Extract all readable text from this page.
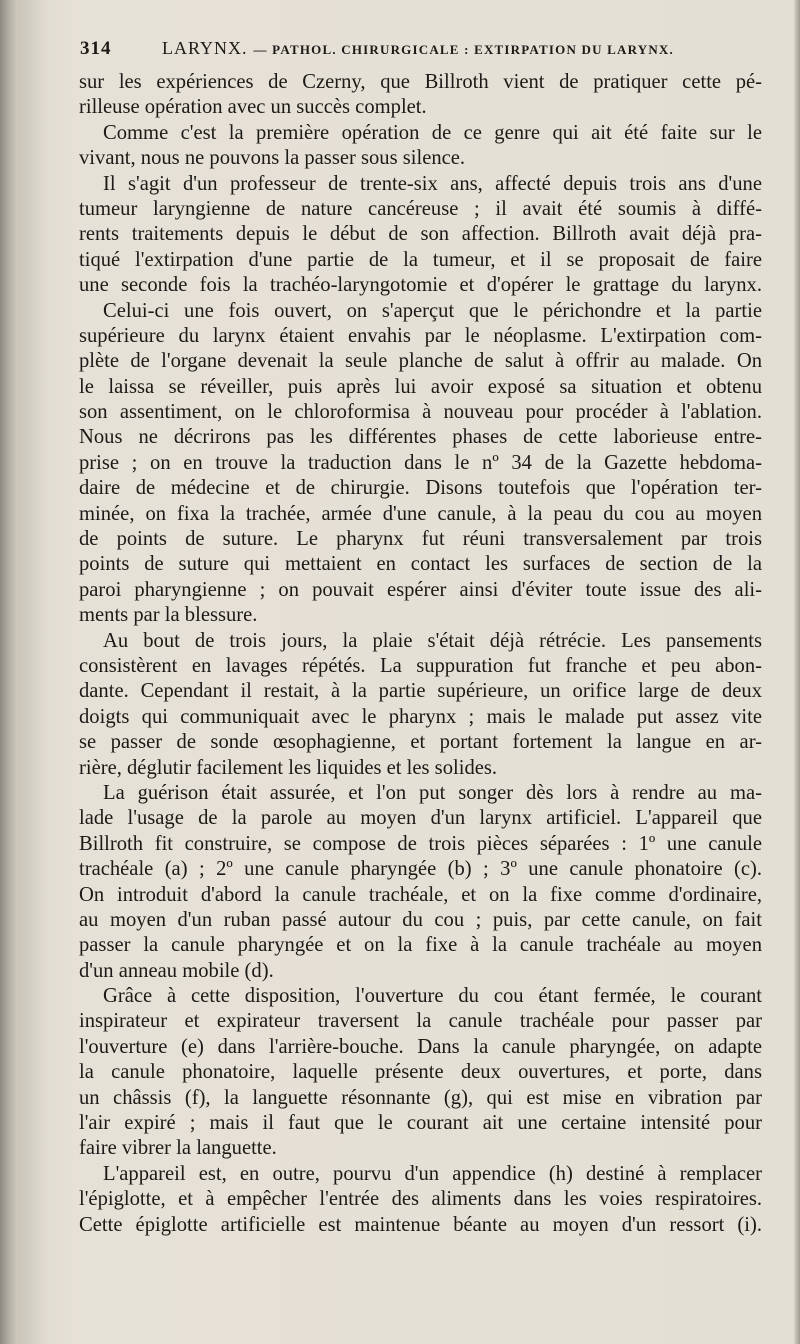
314	LARYNX. — PATHOL. CHIRURGICALE : EXTIRPATION DU LARYNX.
sur les expériences de Czerny, que Billroth vient de pratiquer cette pé-
rilleuse opération avec un succès complet.
Comme c'est la première opération de ce genre qui ait été faite sur le
vivant, nous ne pouvons la passer sous silence.
Il s'agit d'un professeur de trente-six ans, affecté depuis trois ans d'une
tumeur laryngienne de nature cancéreuse ; il avait été soumis à diffé-
rents traitements depuis le début de son affection. Billroth avait déjà pra-
tiqué l'extirpation d'une partie de la tumeur, et il se proposait de faire
une seconde fois la trachéo-laryngotomie et d'opérer le grattage du larynx.
Celui-ci une fois ouvert, on s'aperçut que le périchondre et la partie
supérieure du larynx étaient envahis par le néoplasme. L'extirpation com-
plète de l'organe devenait la seule planche de salut à offrir au malade. On
le laissa se réveiller, puis après lui avoir exposé sa situation et obtenu
son assentiment, on le chloroformisa à nouveau pour procéder à l'ablation.
Nous ne décrirons pas les différentes phases de cette laborieuse entre-
prise ; on en trouve la traduction dans le nº 34 de la Gazette hebdoma-
daire de médecine et de chirurgie. Disons toutefois que l'opération ter-
minée, on fixa la trachée, armée d'une canule, à la peau du cou au moyen
de points de suture. Le pharynx fut réuni transversalement par trois
points de suture qui mettaient en contact les surfaces de section de la
paroi pharyngienne ; on pouvait espérer ainsi d'éviter toute issue des ali-
ments par la blessure.
Au bout de trois jours, la plaie s'était déjà rétrécie. Les pansements
consistèrent en lavages répétés. La suppuration fut franche et peu abon-
dante. Cependant il restait, à la partie supérieure, un orifice large de deux
doigts qui communiquait avec le pharynx ; mais le malade put assez vite
se passer de sonde œsophagienne, et portant fortement la langue en ar-
rière, déglutir facilement les liquides et les solides.
La guérison était assurée, et l'on put songer dès lors à rendre au ma-
lade l'usage de la parole au moyen d'un larynx artificiel. L'appareil que
Billroth fit construire, se compose de trois pièces séparées : 1º une canule
trachéale (a) ; 2º une canule pharyngée (b) ; 3º une canule phonatoire (c).
On introduit d'abord la canule trachéale, et on la fixe comme d'ordinaire,
au moyen d'un ruban passé autour du cou ; puis, par cette canule, on fait
passer la canule pharyngée et on la fixe à la canule trachéale au moyen
d'un anneau mobile (d).
Grâce à cette disposition, l'ouverture du cou étant fermée, le courant
inspirateur et expirateur traversent la canule trachéale pour passer par
l'ouverture (e) dans l'arrière-bouche. Dans la canule pharyngée, on adapte
la canule phonatoire, laquelle présente deux ouvertures, et porte, dans
un châssis (f), la languette résonnante (g), qui est mise en vibration par
l'air expiré ; mais il faut que le courant ait une certaine intensité pour
faire vibrer la languette.
L'appareil est, en outre, pourvu d'un appendice (h) destiné à remplacer
l'épiglotte, et à empêcher l'entrée des aliments dans les voies respiratoires.
Cette épiglotte artificielle est maintenue béante au moyen d'un ressort (i).
